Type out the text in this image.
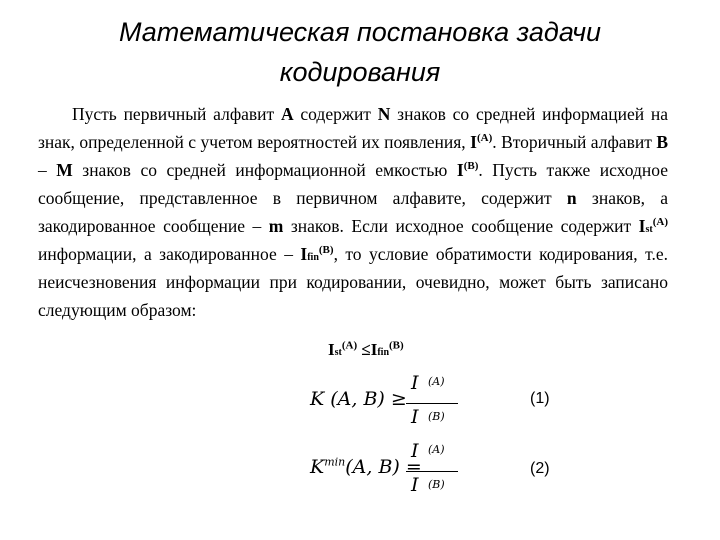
Математическая постановка задачи
кодирования
Пусть первичный алфавит A содержит N знаков со средней информацией на знак, определенной с учетом вероятностей их появления, $I^{(A)}$. Вторичный алфавит B – M знаков со средней информационной емкостью $I^{(B)}$. Пусть также исходное сообщение, представленное в первичном алфавите, содержит n знаков, а закодированное сообщение – m знаков. Если исходное сообщение содержит Ist$^{(A)}$ информации, а закодированное – Ifin$^{(B)}$, то условие обратимости кодирования, т.е. неисчезновения информации при кодировании, очевидно, может быть записано следующим образом:
Ist$^{(A)}$ ≤Ifin$^{(B)}$
K (A, B) ≥
I (A)
I (B)
(1)
$K^{min}(A$, B) =
I (A)
I (B)
(2)
